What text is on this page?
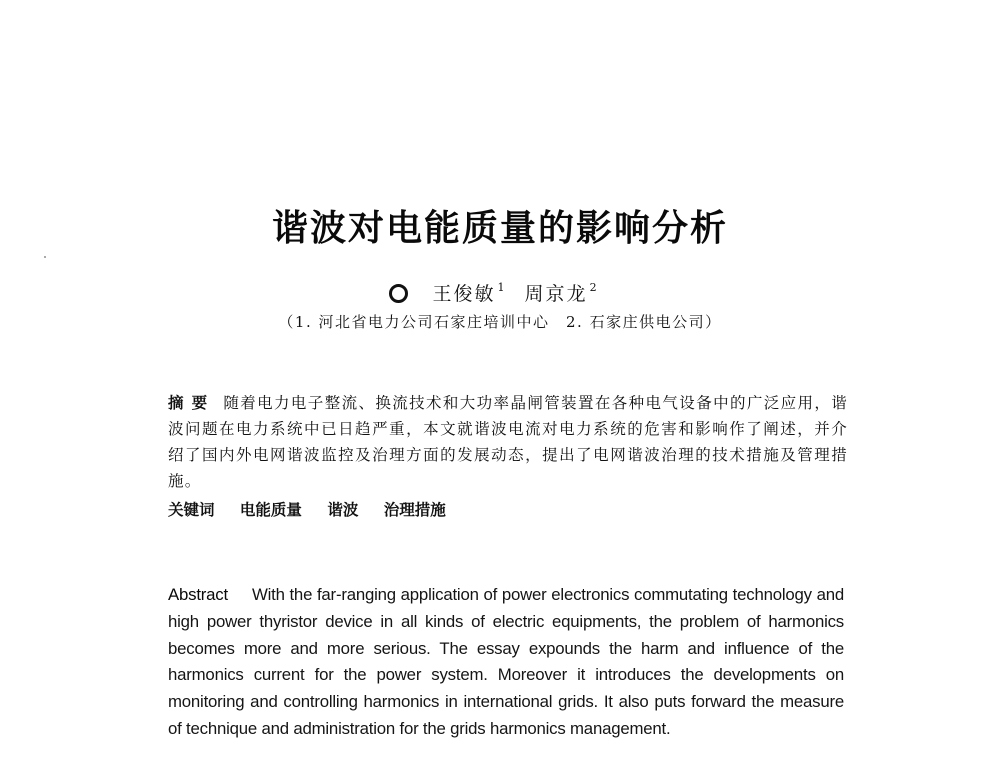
谐波对电能质量的影响分析
王俊敏 $^1$ 周京龙 $^2$
（1. 河北省电力公司石家庄培训中心　2. 石家庄供电公司）
摘要 随着电力电子整流、换流技术和大功率晶闸管装置在各种电气设备中的广泛应用，谐波问题在电力系统中已日趋严重，本文就谐波电流对电力系统的危害和影响作了阐述，并介绍了国内外电网谐波监控及治理方面的发展动态，提出了电网谐波治理的技术措施及管理措施。
关键词 电能质量 谐波 治理措施
Abstract With the far-ranging application of power electronics commutating technology and high power thyristor device in all kinds of electric equipments, the problem of harmonics becomes more and more serious. The essay expounds the harm and influence of the harmonics current for the power system. Moreover it introduces the developments on monitoring and controlling harmonics in international grids. It also puts forward the measure of technique and administration for the grids harmonics management.
